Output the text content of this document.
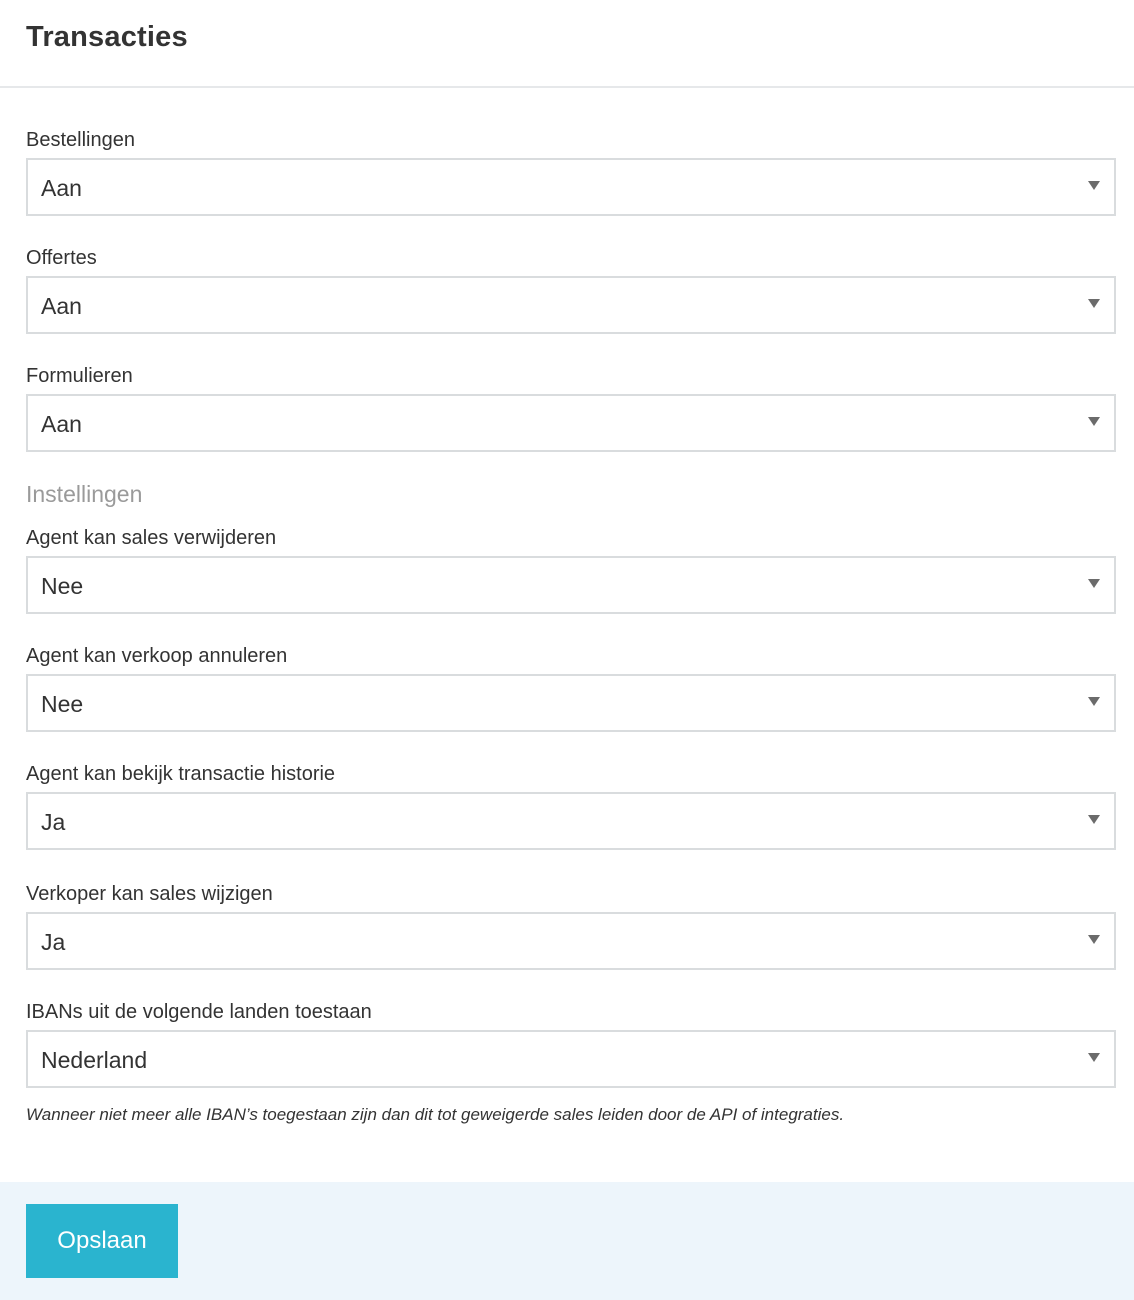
Transacties
Bestellingen
Aan
Offertes
Aan
Formulieren
Aan
Instellingen
Agent kan sales verwijderen
Nee
Agent kan verkoop annuleren
Nee
Agent kan bekijk transactie historie
Ja
Verkoper kan sales wijzigen
Ja
IBANs uit de volgende landen toestaan
Nederland
Wanneer niet meer alle IBAN’s toegestaan zijn dan dit tot geweigerde sales leiden door de API of integraties.
Opslaan
